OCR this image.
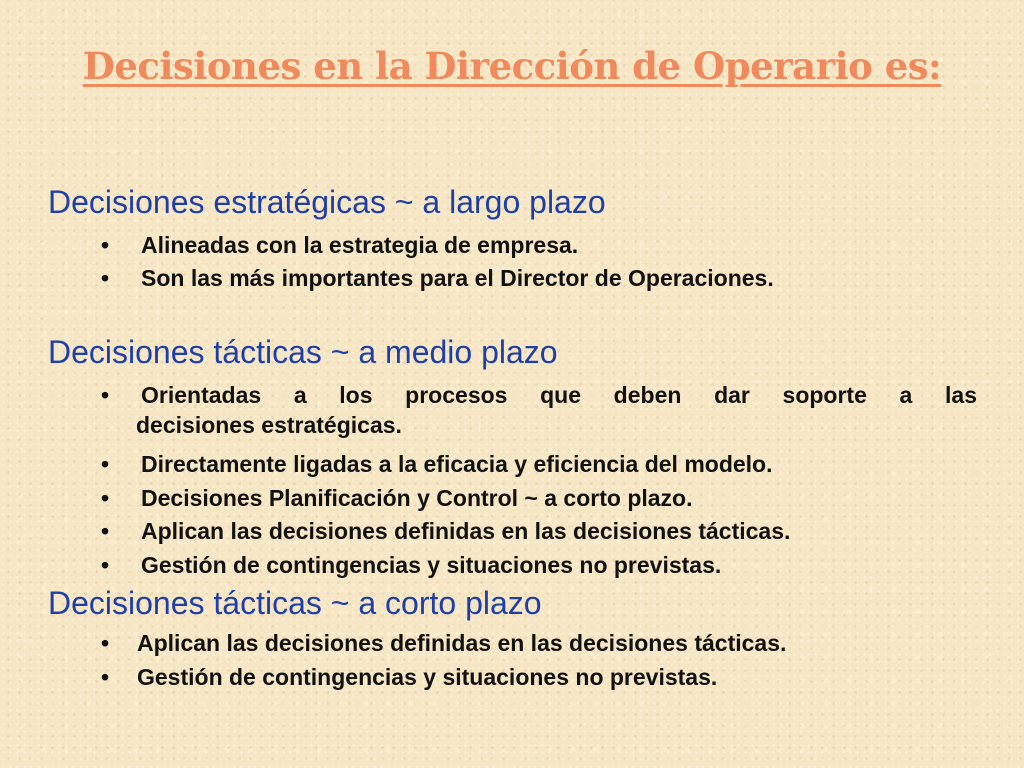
Decisiones en la Dirección de Operario es:
Decisiones estratégicas ~ a largo plazo

• Alineadas con la estrategia de empresa.

• Son las más importantes para el Director de Operaciones.

Decisiones tácticas ~ a medio plazo
• Orientadas a los procesos que deben dar soporte a las
decisiones estratégicas.

• Directamente ligadas a la eficacia y eficiencia del modelo.

• Decisiones Planificación y Control ~ a corto plazo.

• Aplican las decisiones definidas en las decisiones tácticas.

• Gestión de contingencias y situaciones no previstas.

Decisiones tácticas ~ a corto plazo

• Aplican las decisiones definidas en las decisiones tácticas.

• Gestión de contingencias y situaciones no previstas.
